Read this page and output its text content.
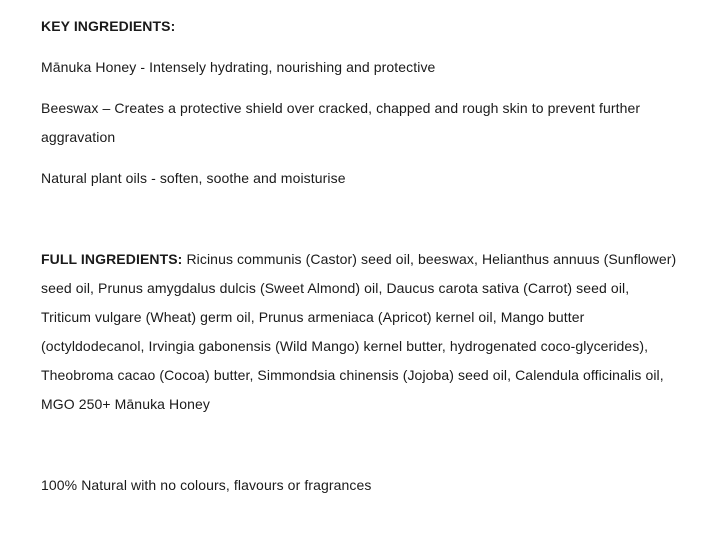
KEY INGREDIENTS:
Mānuka Honey - Intensely hydrating, nourishing and protective
Beeswax – Creates a protective shield over cracked, chapped and rough skin to prevent further
aggravation
Natural plant oils - soften, soothe and moisturise
FULL INGREDIENTS: Ricinus communis (Castor) seed oil, beeswax, Helianthus annuus (Sunflower)
seed oil, Prunus amygdalus dulcis (Sweet Almond) oil, Daucus carota sativa (Carrot) seed oil,
Triticum vulgare (Wheat) germ oil, Prunus armeniaca (Apricot) kernel oil, Mango butter
(octyldodecanol, Irvingia gabonensis (Wild Mango) kernel butter, hydrogenated coco-glycerides),
Theobroma cacao (Cocoa) butter, Simmondsia chinensis (Jojoba) seed oil, Calendula officinalis oil,
MGO 250+ Mānuka Honey
100% Natural with no colours, flavours or fragrances
